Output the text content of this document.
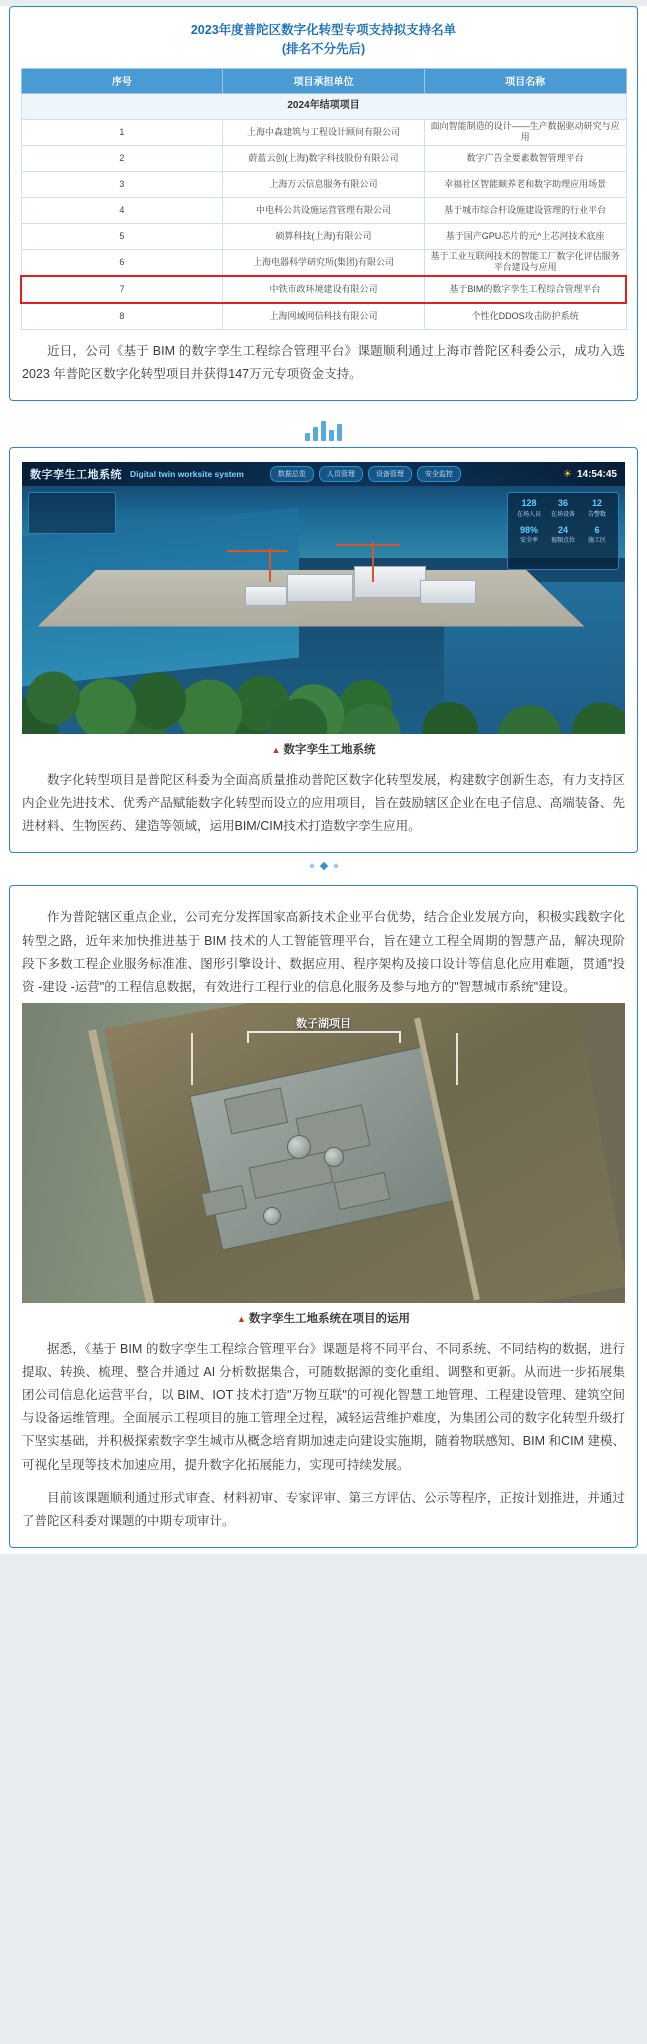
2023年度普陀区数字化转型专项支持拟支持名单
(排名不分先后)
序号	项目承担单位	项目名称
2024年结项项目		
1	上海中森建筑与工程设计顾问有限公司	面向智能制造的设计——生产数据驱动研究与应用
2	蔚蓝云创(上海)数字科技股份有限公司	数字广告全要素数智管理平台
3	上海万云信息服务有限公司	幸福社区智能颐养老和数字助理应用场景
4	中电科公共设施运营管理有限公司	基于城市综合杆设施建设管理的行业平台
5	硕算科技(上海)有限公司	基于国产GPU芯片的元^上芯河技术底座
6	上海电器科学研究所(集团)有限公司	基于工业互联网技术的智能工厂数字化评估服务平台建设与应用
7	中铁市政环境建设有限公司	基于BIM的数字孪生工程综合管理平台
8	上海网域网信科技有限公司	个性化DDOS攻击防护系统

近日，公司《基于 BIM 的数字孪生工程综合管理平台》课题顺利通过上海市普陀区科委公示，成功入选2023 年普陀区数字化转型项目并获得147万元专项资金支持。

数字孪生工地系统 Digital twin worksite system	数据总览	人员管理	设备管理	安全监控	☀ 14:54:45
128
在场人员
36
在场设备
12
告警数
98%
安全率
24
视频点位
6
施工区
▲ 数字孪生工地系统

数字化转型项目是普陀区科委为全面高质量推动普陀区数字化转型发展，构建数字创新生态，有力支持区内企业先进技术、优秀产品赋能数字化转型而设立的应用项目，旨在鼓励辖区企业在电子信息、高端装备、先进材料、生物医药、建造等领域，运用BIM/CIM技术打造数字孪生应用。

作为普陀辖区重点企业，公司充分发挥国家高新技术企业平台优势，结合企业发展方向，积极实践数字化转型之路，近年来加快推进基于 BIM 技术的人工智能管理平台，旨在建立工程全周期的智慧产品，解决现阶段下多数工程企业服务标准准、图形引擎设计、数据应用、程序架构及接口设计等信息化应用难题，贯通"投资 -建设 -运营"的工程信息数据，有效进行工程行业的信息化服务及参与地方的"智慧城市系统"建设。

数子湖项目
▲ 数字孪生工地系统在项目的运用

据悉，《基于 BIM 的数字孪生工程综合管理平台》课题是将不同平台、不同系统、不同结构的数据，进行提取、转换、梳理、整合并通过 AI 分析数据集合，可随数据源的变化重组、调整和更新。从而进一步拓展集团公司信息化运营平台，以 BIM、IOT 技术打造"万物互联"的可视化智慧工地管理、工程建设管理、建筑空间与设备运维管理。全面展示工程项目的施工管理全过程，减轻运营维护难度，为集团公司的数字化转型升级打下坚实基础，并积极探索数字孪生城市从概念培育期加速走向建设实施期，随着物联感知、BIM 和CIM 建模、可视化呈现等技术加速应用，提升数字化拓展能力，实现可持续发展。

目前该课题顺利通过形式审查、材料初审、专家评审、第三方评估、公示等程序，正按计划推进，并通过了普陀区科委对课题的中期专项审计。
